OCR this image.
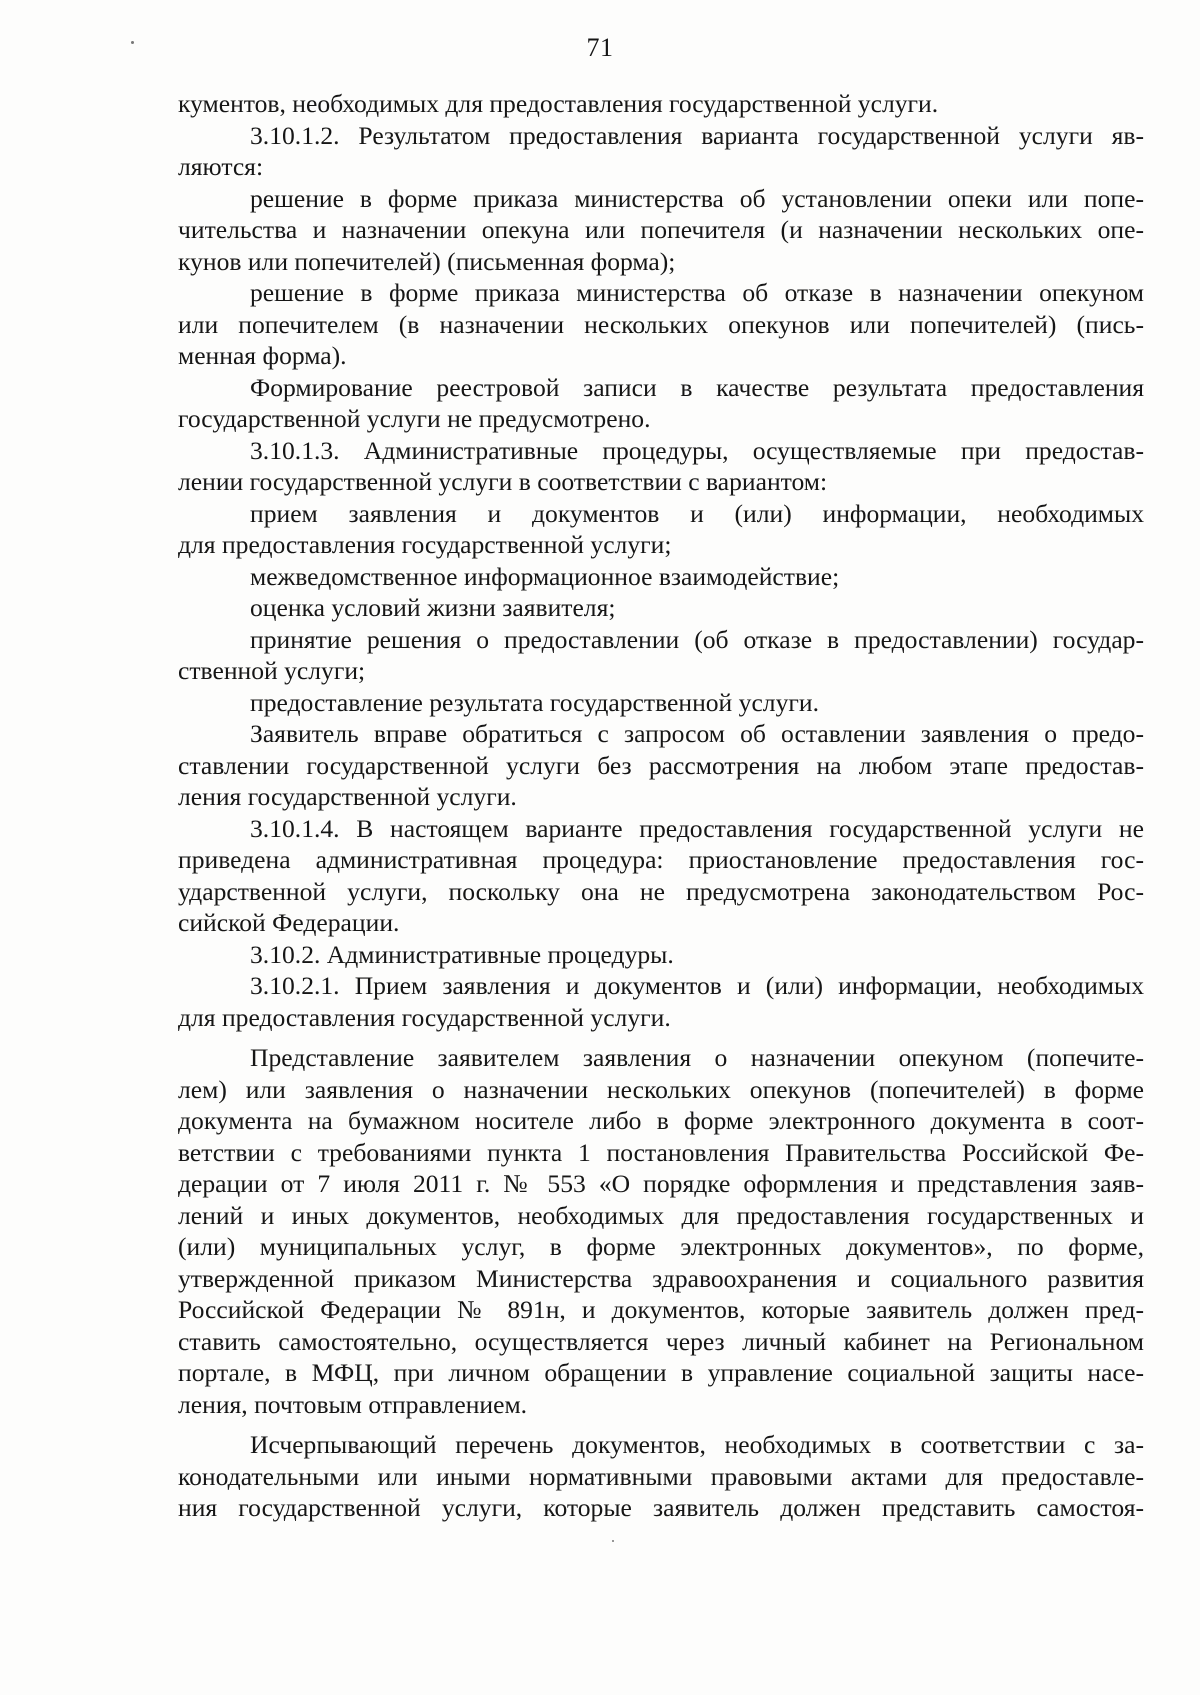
71
кументов, необходимых для предоставления государственной услуги.
3.10.1.2. Результатом предоставления варианта государственной услуги яв-
ляются:
решение в форме приказа министерства об установлении опеки или попе-
чительства и назначении опекуна или попечителя (и назначении нескольких опе-
кунов или попечителей) (письменная форма);
решение в форме приказа министерства об отказе в назначении опекуном
или попечителем (в назначении нескольких опекунов или попечителей) (пись-
менная форма).
Формирование реестровой записи в качестве результата предоставления
государственной услуги не предусмотрено.
3.10.1.3. Административные процедуры, осуществляемые при предостав-
лении государственной услуги в соответствии с вариантом:
прием заявления и документов и (или) информации, необходимых
для предоставления государственной услуги;
межведомственное информационное взаимодействие;
оценка условий жизни заявителя;
принятие решения о предоставлении (об отказе в предоставлении) государ-
ственной услуги;
предоставление результата государственной услуги.
Заявитель вправе обратиться с запросом об оставлении заявления о предо-
ставлении государственной услуги без рассмотрения на любом этапе предостав-
ления государственной услуги.
3.10.1.4. В настоящем варианте предоставления государственной услуги не
приведена административная процедура: приостановление предоставления гос-
ударственной услуги, поскольку она не предусмотрена законодательством Рос-
сийской Федерации.
3.10.2. Административные процедуры.
3.10.2.1. Прием заявления и документов и (или) информации, необходимых
для предоставления государственной услуги.
Представление заявителем заявления о назначении опекуном (попечите-
лем) или заявления о назначении нескольких опекунов (попечителей) в форме
документа на бумажном носителе либо в форме электронного документа в соот-
ветствии с требованиями пункта 1 постановления Правительства Российской Фе-
дерации от 7 июля 2011 г. № 553 «О порядке оформления и представления заяв-
лений и иных документов, необходимых для предоставления государственных и
(или) муниципальных услуг, в форме электронных документов», по форме,
утвержденной приказом Министерства здравоохранения и социального развития
Российской Федерации № 891н, и документов, которые заявитель должен пред-
ставить самостоятельно, осуществляется через личный кабинет на Региональном
портале, в МФЦ, при личном обращении в управление социальной защиты насе-
ления, почтовым отправлением.
Исчерпывающий перечень документов, необходимых в соответствии с за-
конодательными или иными нормативными правовыми актами для предоставле-
ния государственной услуги, которые заявитель должен представить самостоя-
